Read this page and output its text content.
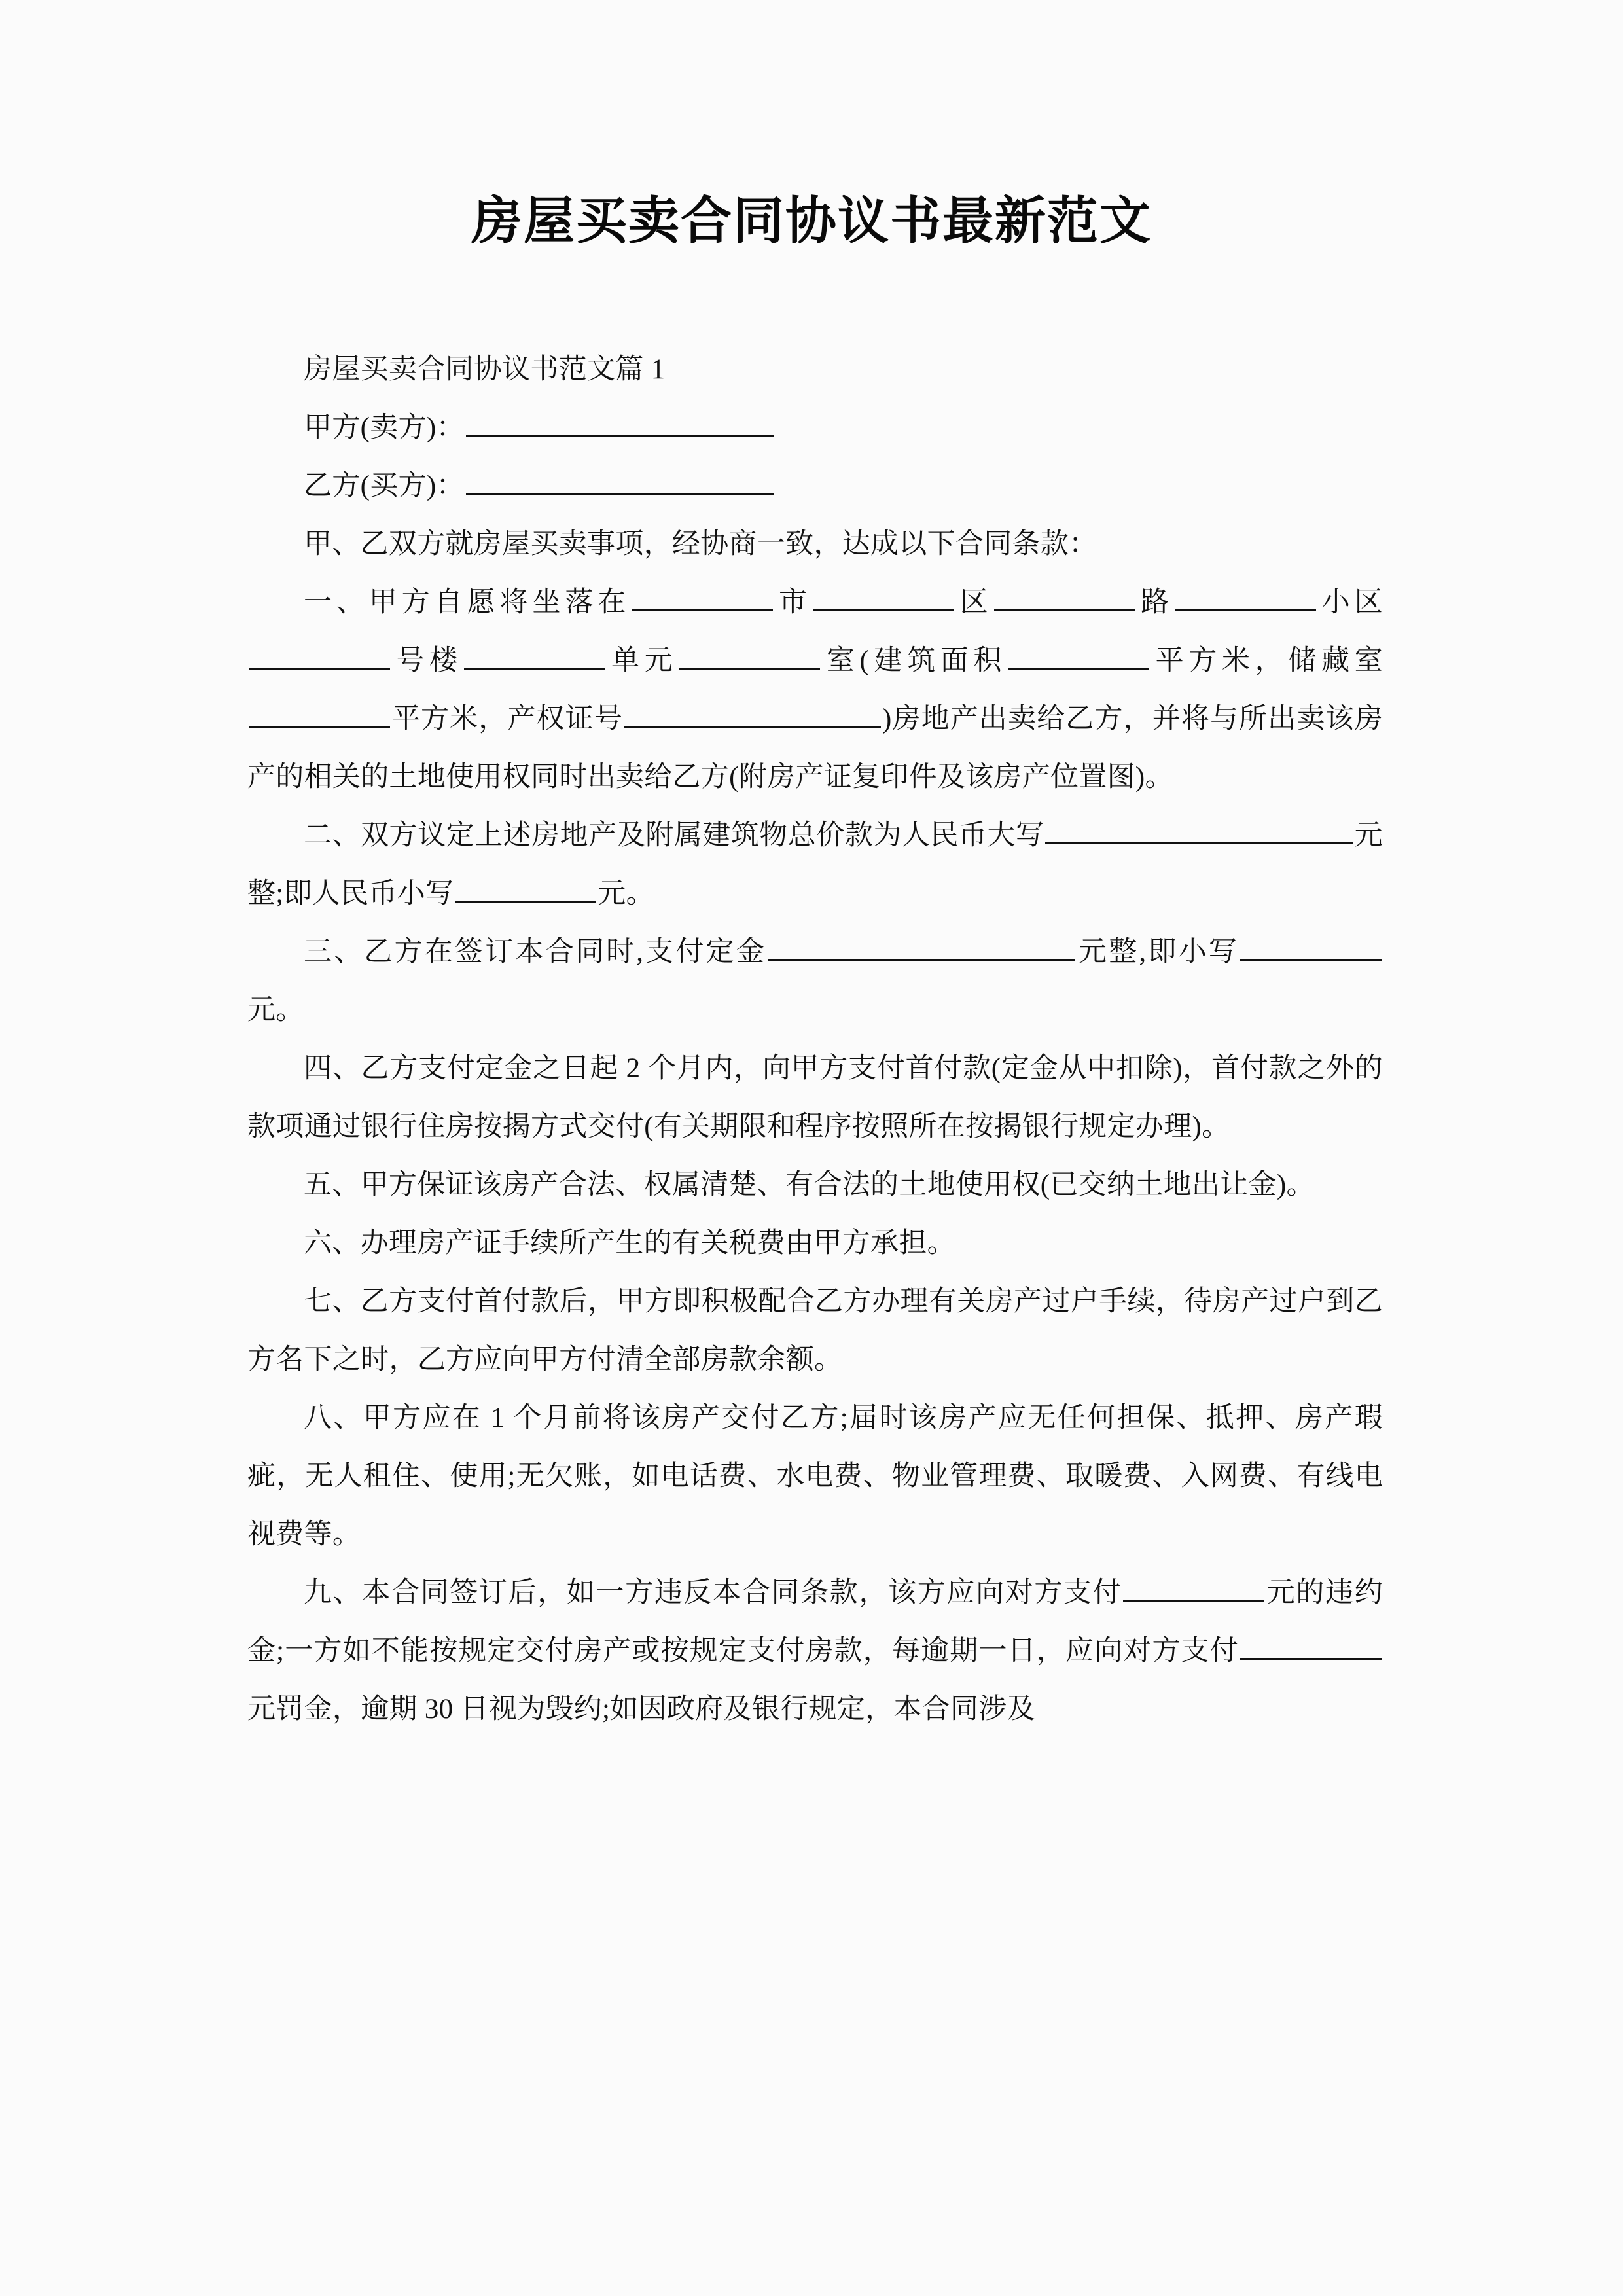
房屋买卖合同协议书最新范文

房屋买卖合同协议书范文篇 1

甲方(卖方)：

乙方(买方)：

甲、乙双方就房屋买卖事项，经协商一致，达成以下合同条款：

一、甲方自愿将坐落在	市	区	路	小区号楼	单元	室(建筑面积	平方米，储藏室平方米，产权证号	)房地产出卖给乙方，并将与所出卖该房产的相关的土地使用权同时出卖给乙方(附房产证复印件及该房产位置图)。

二、双方议定上述房地产及附属建筑物总价款为人民币大写	元整;即人民币小写	元。

三、乙方在签订本合同时,支付定金	元整,即小写元。

四、乙方支付定金之日起 2 个月内，向甲方支付首付款(定金从中扣除)，首付款之外的款项通过银行住房按揭方式交付(有关期限和程序按照所在按揭银行规定办理)。

五、甲方保证该房产合法、权属清楚、有合法的土地使用权(已交纳土地出让金)。

六、办理房产证手续所产生的有关税费由甲方承担。

七、乙方支付首付款后，甲方即积极配合乙方办理有关房产过户手续，待房产过户到乙方名下之时，乙方应向甲方付清全部房款余额。

八、甲方应在 1 个月前将该房产交付乙方;届时该房产应无任何担保、抵押、房产瑕疵，无人租住、使用;无欠账，如电话费、水电费、物业管理费、取暖费、入网费、有线电视费等。

九、本合同签订后，如一方违反本合同条款，该方应向对方支付	元的违约金;一方如不能按规定交付房产或按规定支付房款，每逾期一日，应向对方支付元罚金，逾期 30 日视为毁约;如因政府及银行规定，本合同涉及
